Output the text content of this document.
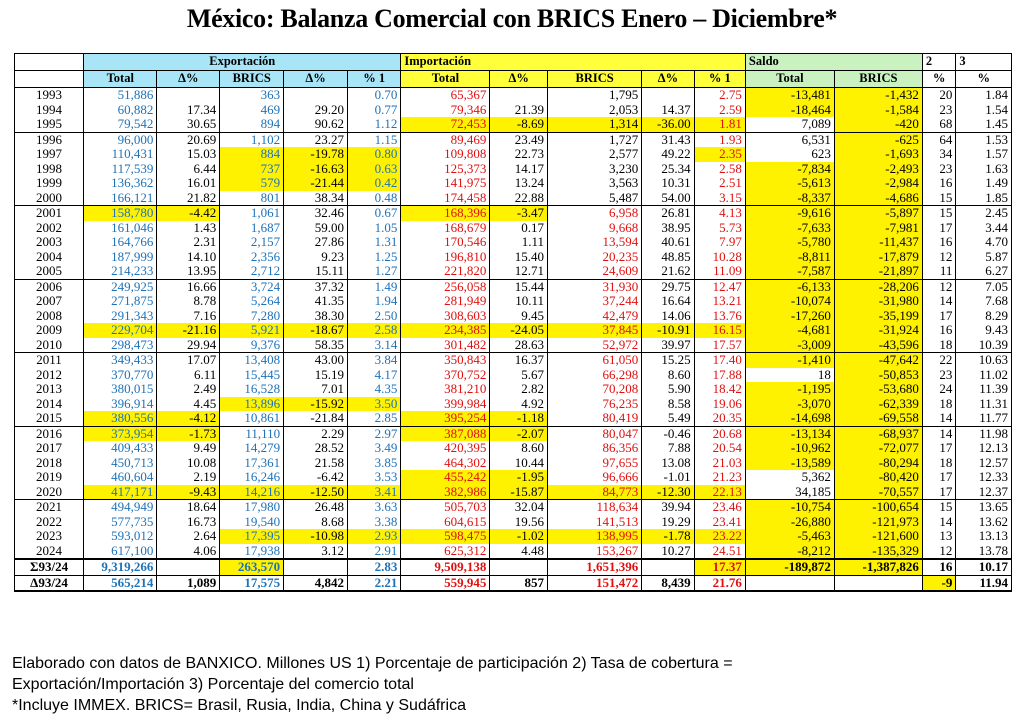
México: Balanza Comercial con BRICS Enero – Diciembre*
	Exportación					Importación					Saldo		2	3
	Total	Δ%	BRICS	Δ%	% 1	Total	Δ%	BRICS	Δ%	% 1	Total	BRICS	%	%
1993	51,886		363		0.70	65,367		1,795		2.75	-13,481	-1,432	20	1.84
1994	60,882	17.34	469	29.20	0.77	79,346	21.39	2,053	14.37	2.59	-18,464	-1,584	23	1.54
1995	79,542	30.65	894	90.62	1.12	72,453	-8.69	1,314	-36.00	1.81	7,089	-420	68	1.45
1996	96,000	20.69	1,102	23.27	1.15	89,469	23.49	1,727	31.43	1.93	6,531	-625	64	1.53
1997	110,431	15.03	884	-19.78	0.80	109,808	22.73	2,577	49.22	2.35	623	-1,693	34	1.57
1998	117,539	6.44	737	-16.63	0.63	125,373	14.17	3,230	25.34	2.58	-7,834	-2,493	23	1.63
1999	136,362	16.01	579	-21.44	0.42	141,975	13.24	3,563	10.31	2.51	-5,613	-2,984	16	1.49
2000	166,121	21.82	801	38.34	0.48	174,458	22.88	5,487	54.00	3.15	-8,337	-4,686	15	1.85
2001	158,780	-4.42	1,061	32.46	0.67	168,396	-3.47	6,958	26.81	4.13	-9,616	-5,897	15	2.45
2002	161,046	1.43	1,687	59.00	1.05	168,679	0.17	9,668	38.95	5.73	-7,633	-7,981	17	3.44
2003	164,766	2.31	2,157	27.86	1.31	170,546	1.11	13,594	40.61	7.97	-5,780	-11,437	16	4.70
2004	187,999	14.10	2,356	9.23	1.25	196,810	15.40	20,235	48.85	10.28	-8,811	-17,879	12	5.87
2005	214,233	13.95	2,712	15.11	1.27	221,820	12.71	24,609	21.62	11.09	-7,587	-21,897	11	6.27
2006	249,925	16.66	3,724	37.32	1.49	256,058	15.44	31,930	29.75	12.47	-6,133	-28,206	12	7.05
2007	271,875	8.78	5,264	41.35	1.94	281,949	10.11	37,244	16.64	13.21	-10,074	-31,980	14	7.68
2008	291,343	7.16	7,280	38.30	2.50	308,603	9.45	42,479	14.06	13.76	-17,260	-35,199	17	8.29
2009	229,704	-21.16	5,921	-18.67	2.58	234,385	-24.05	37,845	-10.91	16.15	-4,681	-31,924	16	9.43
2010	298,473	29.94	9,376	58.35	3.14	301,482	28.63	52,972	39.97	17.57	-3,009	-43,596	18	10.39
2011	349,433	17.07	13,408	43.00	3.84	350,843	16.37	61,050	15.25	17.40	-1,410	-47,642	22	10.63
2012	370,770	6.11	15,445	15.19	4.17	370,752	5.67	66,298	8.60	17.88	18	-50,853	23	11.02
2013	380,015	2.49	16,528	7.01	4.35	381,210	2.82	70,208	5.90	18.42	-1,195	-53,680	24	11.39
2014	396,914	4.45	13,896	-15.92	3.50	399,984	4.92	76,235	8.58	19.06	-3,070	-62,339	18	11.31
2015	380,556	-4.12	10,861	-21.84	2.85	395,254	-1.18	80,419	5.49	20.35	-14,698	-69,558	14	11.77
2016	373,954	-1.73	11,110	2.29	2.97	387,088	-2.07	80,047	-0.46	20.68	-13,134	-68,937	14	11.98
2017	409,433	9.49	14,279	28.52	3.49	420,395	8.60	86,356	7.88	20.54	-10,962	-72,077	17	12.13
2018	450,713	10.08	17,361	21.58	3.85	464,302	10.44	97,655	13.08	21.03	-13,589	-80,294	18	12.57
2019	460,604	2.19	16,246	-6.42	3.53	455,242	-1.95	96,666	-1.01	21.23	5,362	-80,420	17	12.33
2020	417,171	-9.43	14,216	-12.50	3.41	382,986	-15.87	84,773	-12.30	22.13	34,185	-70,557	17	12.37
2021	494,949	18.64	17,980	26.48	3.63	505,703	32.04	118,634	39.94	23.46	-10,754	-100,654	15	13.65
2022	577,735	16.73	19,540	8.68	3.38	604,615	19.56	141,513	19.29	23.41	-26,880	-121,973	14	13.62
2023	593,012	2.64	17,395	-10.98	2.93	598,475	-1.02	138,995	-1.78	23.22	-5,463	-121,600	13	13.13
2024	617,100	4.06	17,938	3.12	2.91	625,312	4.48	153,267	10.27	24.51	-8,212	-135,329	12	13.78
Σ93/24	9,319,266		263,570		2.83	9,509,138		1,651,396		17.37	-189,872	-1,387,826	16	10.17
Δ93/24	565,214	1,089	17,575	4,842	2.21	559,945	857	151,472	8,439	21.76			-9	11.94
Elaborado con datos de BANXICO. Millones US 1) Porcentaje de participación 2) Tasa de cobertura =
Exportación/Importación 3) Porcentaje del comercio total
*Incluye IMMEX. BRICS= Brasil, Rusia, India, China y Sudáfrica
